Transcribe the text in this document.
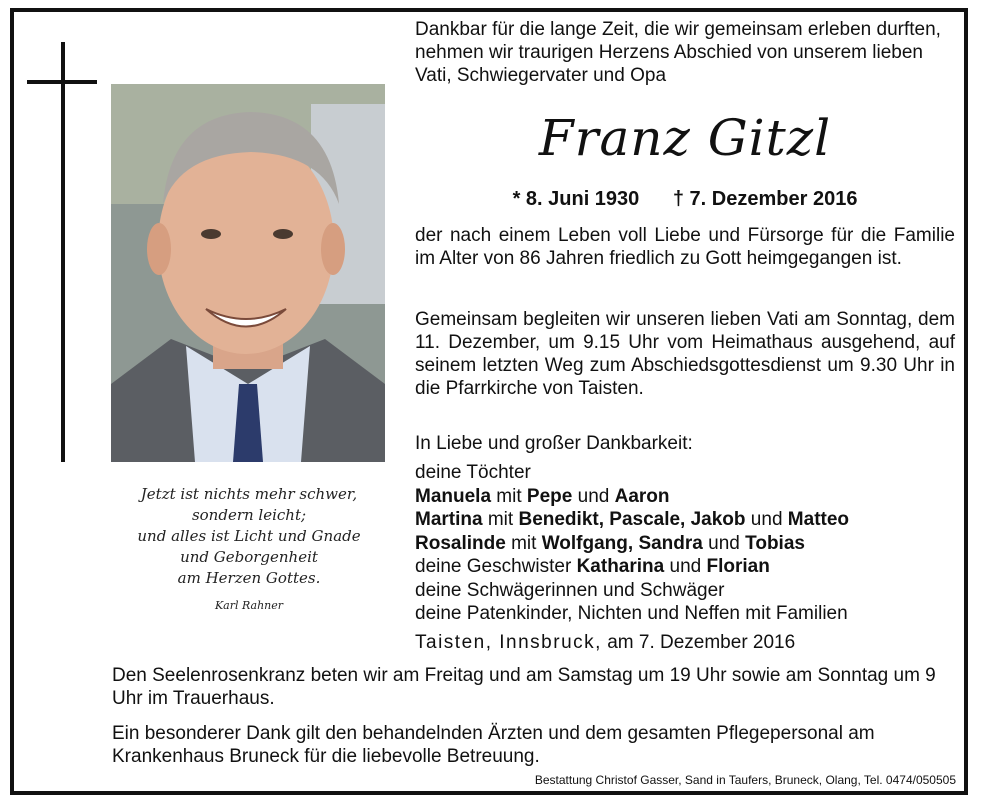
Jetzt ist nichts mehr schwer,
sondern leicht;
und alles ist Licht und Gnade
und Geborgenheit
am Herzen Gottes.
Karl Rahner
Dankbar für die lange Zeit, die wir gemeinsam erleben durften, nehmen wir traurigen Herzens Abschied von unserem lieben Vati, Schwiegervater und Opa
Franz Gitzl
* 8. Juni 1930 † 7. Dezember 2016
der nach einem Leben voll Liebe und Fürsorge für die Familie im Alter von 86 Jahren friedlich zu Gott heimgegangen ist.
Gemeinsam begleiten wir unseren lieben Vati am Sonntag, dem 11. Dezember, um 9.15 Uhr vom Heimathaus ausgehend, auf seinem letzten Weg zum Abschiedsgottesdienst um 9.30 Uhr in die Pfarrkirche von Taisten.
In Liebe und großer Dankbarkeit:
deine Töchter
Manuela mit Pepe und Aaron
Martina mit Benedikt, Pascale, Jakob und Matteo
Rosalinde mit Wolfgang, Sandra und Tobias
deine Geschwister Katharina und Florian
deine Schwägerinnen und Schwäger
deine Patenkinder, Nichten und Neffen mit Familien
Taisten, Innsbruck, am 7. Dezember 2016
Den Seelenrosenkranz beten wir am Freitag und am Samstag um 19 Uhr sowie am Sonntag um 9 Uhr im Trauerhaus.
Ein besonderer Dank gilt den behandelnden Ärzten und dem gesamten Pflegepersonal am Krankenhaus Bruneck für die liebevolle Betreuung.
Bestattung Christof Gasser, Sand in Taufers, Bruneck, Olang, Tel. 0474/050505
